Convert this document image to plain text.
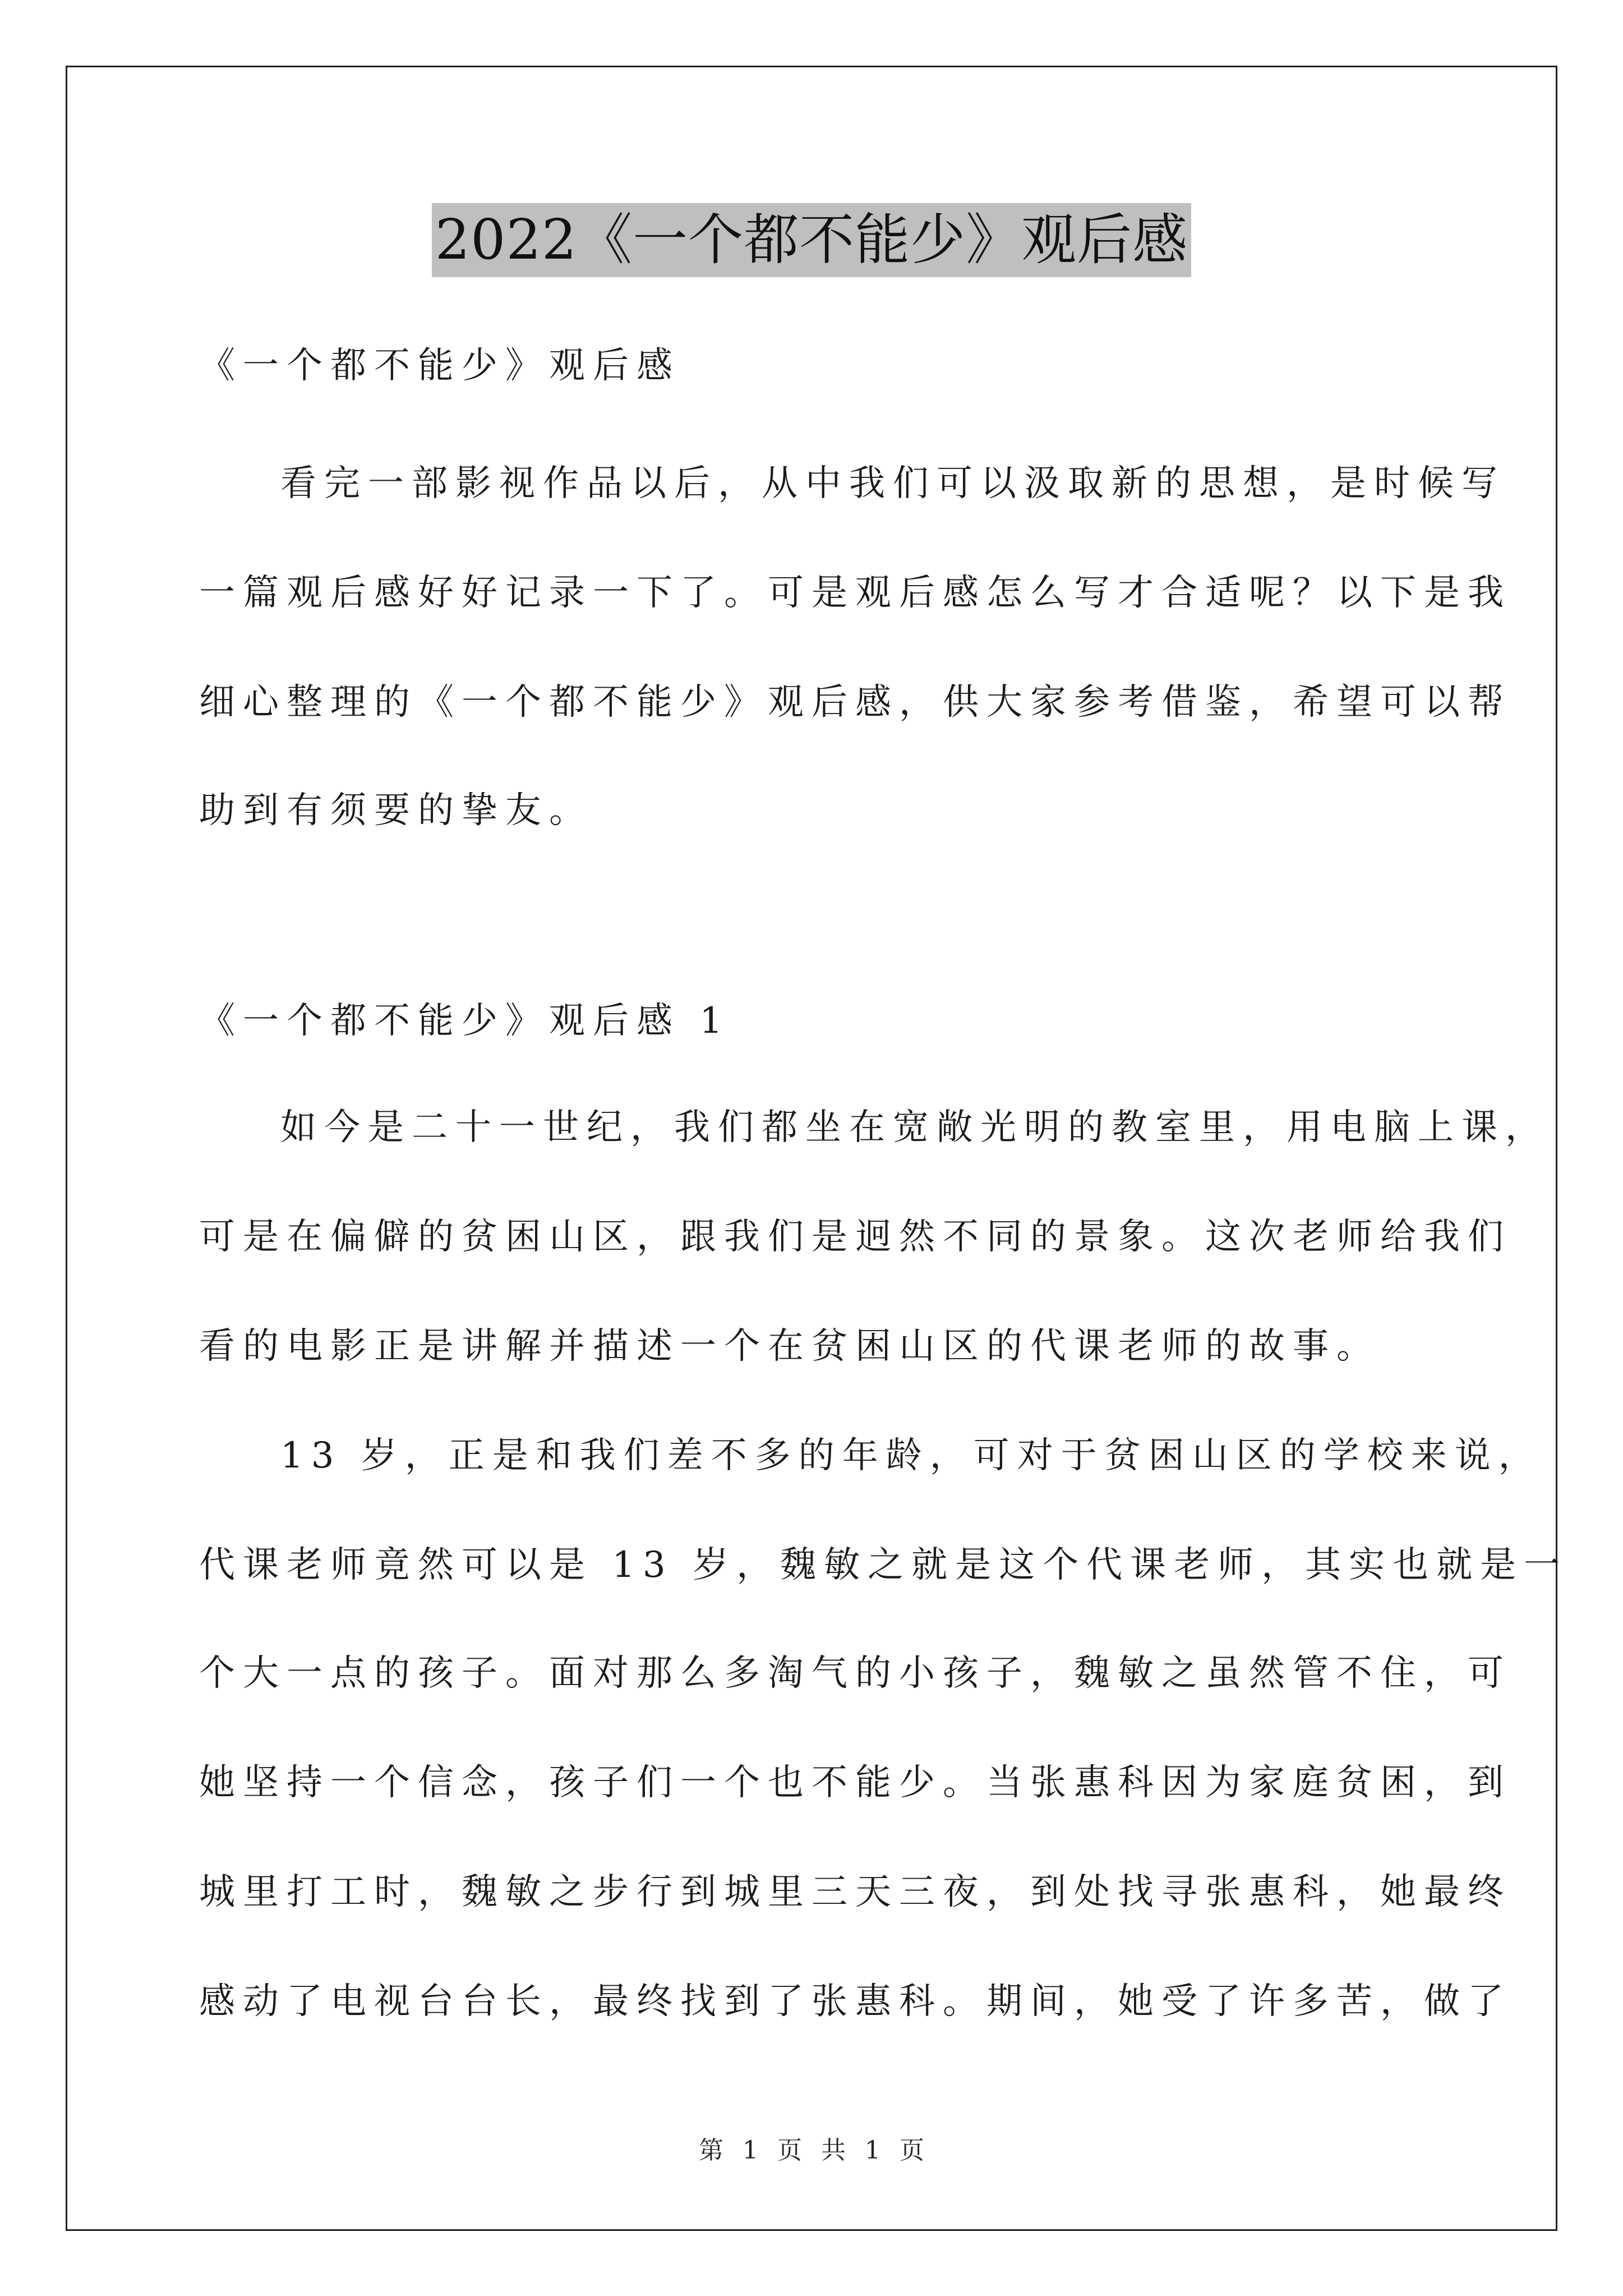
2022《一个都不能少》观后感
《一个都不能少》观后感
看完一部影视作品以后，从中我们可以汲取新的思想，是时候写
一篇观后感好好记录一下了。可是观后感怎么写才合适呢？以下是我
细心整理的《一个都不能少》观后感，供大家参考借鉴，希望可以帮
助到有须要的挚友。
《一个都不能少》观后感 1
如今是二十一世纪，我们都坐在宽敞光明的教室里，用电脑上课，
可是在偏僻的贫困山区，跟我们是迥然不同的景象。这次老师给我们
看的电影正是讲解并描述一个在贫困山区的代课老师的故事。
13 岁，正是和我们差不多的年龄，可对于贫困山区的学校来说，
代课老师竟然可以是 13 岁，魏敏之就是这个代课老师，其实也就是一
个大一点的孩子。面对那么多淘气的小孩子，魏敏之虽然管不住，可
她坚持一个信念，孩子们一个也不能少。当张惠科因为家庭贫困，到
城里打工时，魏敏之步行到城里三天三夜，到处找寻张惠科，她最终
感动了电视台台长，最终找到了张惠科。期间，她受了许多苦，做了
第 1 页 共 1 页
